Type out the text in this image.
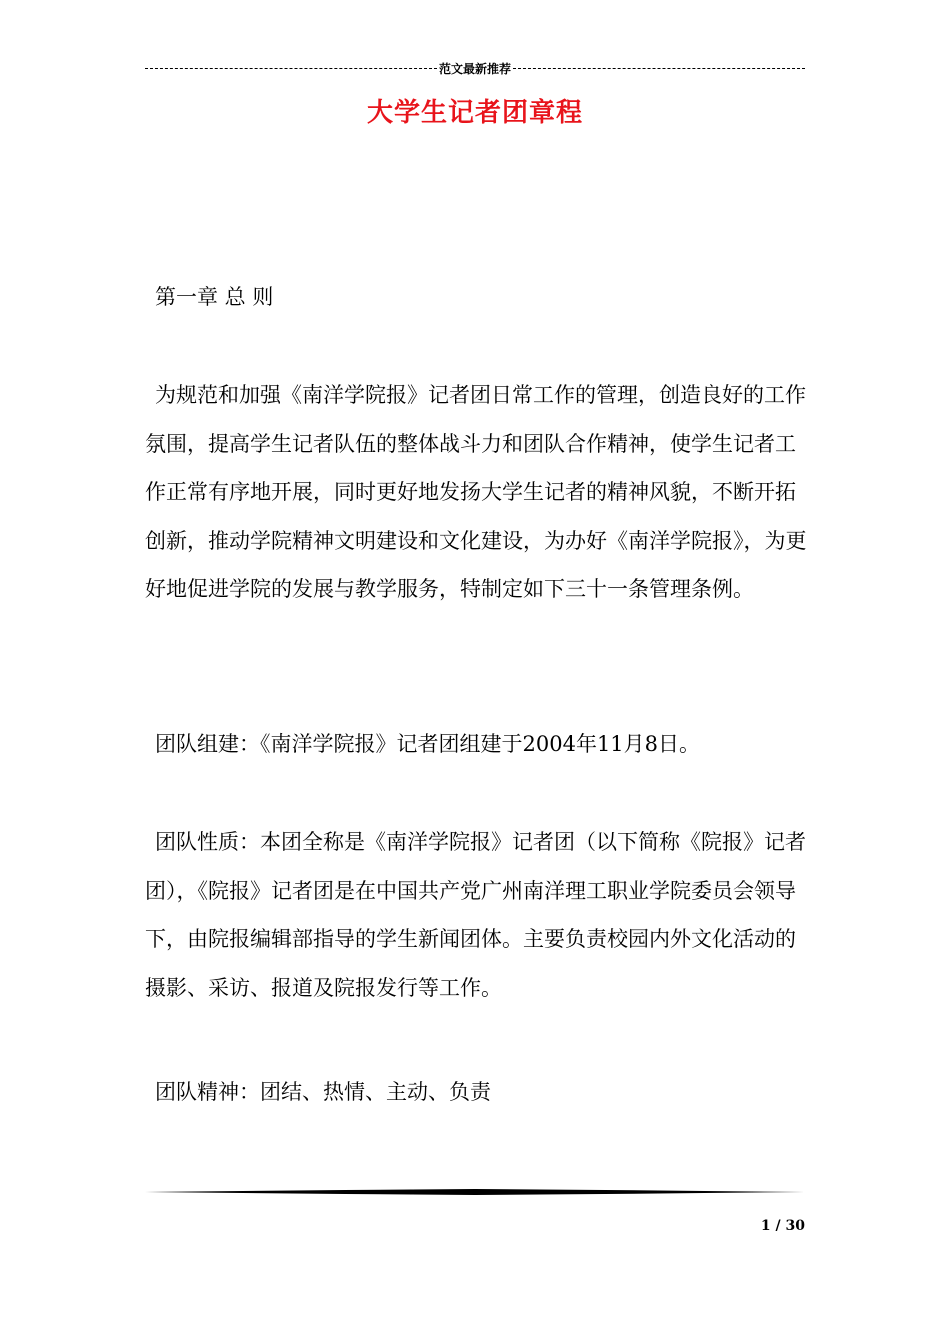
范文最新推荐
大学生记者团章程

第一章 总 则

为规范和加强《南洋学院报》记者团日常工作的管理，创造良好的工作氛围，提高学生记者队伍的整体战斗力和团队合作精神，使学生记者工作正常有序地开展，同时更好地发扬大学生记者的精神风貌，不断开拓创新，推动学院精神文明建设和文化建设，为办好《南洋学院报》，为更好地促进学院的发展与教学服务，特制定如下三十一条管理条例。

团队组建：《南洋学院报》记者团组建于2004年11月8日。

团队性质：本团全称是《南洋学院报》记者团（以下简称《院报》记者团），《院报》记者团是在中国共产党广州南洋理工职业学院委员会领导下，由院报编辑部指导的学生新闻团体。主要负责校园内外文化活动的摄影、采访、报道及院报发行等工作。

团队精神：团结、热情、主动、负责

1 / 30
